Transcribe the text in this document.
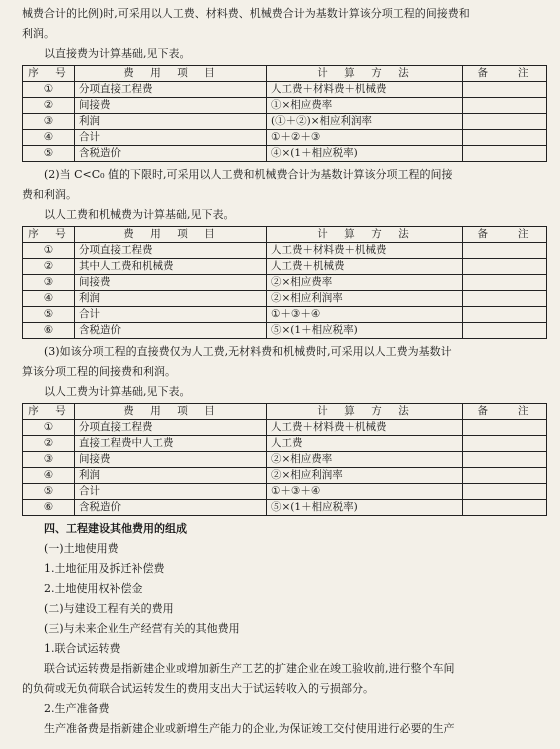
械费合计的比例)时,可采用以人工费、材料费、机械费合计为基数计算该分项工程的间接费和

利润。

以直接费为计算基础,见下表。

序　号	费　用　项　目	计　算　方　法	备　　注
①	分项直接工程费	人工费＋材料费＋机械费	
②	间接费	①×相应费率	
③	利润	(①＋②)×相应利润率	
④	合计	①＋②＋③	
⑤	含税造价	④×(1＋相应税率)	

(2)当 C<C₀ 值的下限时,可采用以人工费和机械费合计为基数计算该分项工程的间接

费和利润。

以人工费和机械费为计算基础,见下表。

序　号	费　用　项　目	计　算　方　法	备　　注
①	分项直接工程费	人工费＋材料费＋机械费	
②	其中人工费和机械费	人工费＋机械费	
③	间接费	②×相应费率	
④	利润	②×相应利润率	
⑤	合计	①＋③＋④	
⑥	含税造价	⑤×(1＋相应税率)	

(3)如该分项工程的直接费仅为人工费,无材料费和机械费时,可采用以人工费为基数计

算该分项工程的间接费和利润。

以人工费为计算基础,见下表。

序　号	费　用　项　目	计　算　方　法	备　　注
①	分项直接工程费	人工费＋材料费＋机械费	
②	直接工程费中人工费	人工费	
③	间接费	②×相应费率	
④	利润	②×相应利润率	
⑤	合计	①＋③＋④	
⑥	含税造价	⑤×(1＋相应税率)	

四、工程建设其他费用的组成

(一)土地使用费

1.土地征用及拆迁补偿费

2.土地使用权补偿金

(二)与建设工程有关的费用

(三)与未来企业生产经营有关的其他费用

1.联合试运转费

联合试运转费是指新建企业或增加新生产工艺的扩建企业在竣工验收前,进行整个车间

的负荷或无负荷联合试运转发生的费用支出大于试运转收入的亏损部分。

2.生产准备费

生产准备费是指新建企业或新增生产能力的企业,为保证竣工交付使用进行必要的生产
